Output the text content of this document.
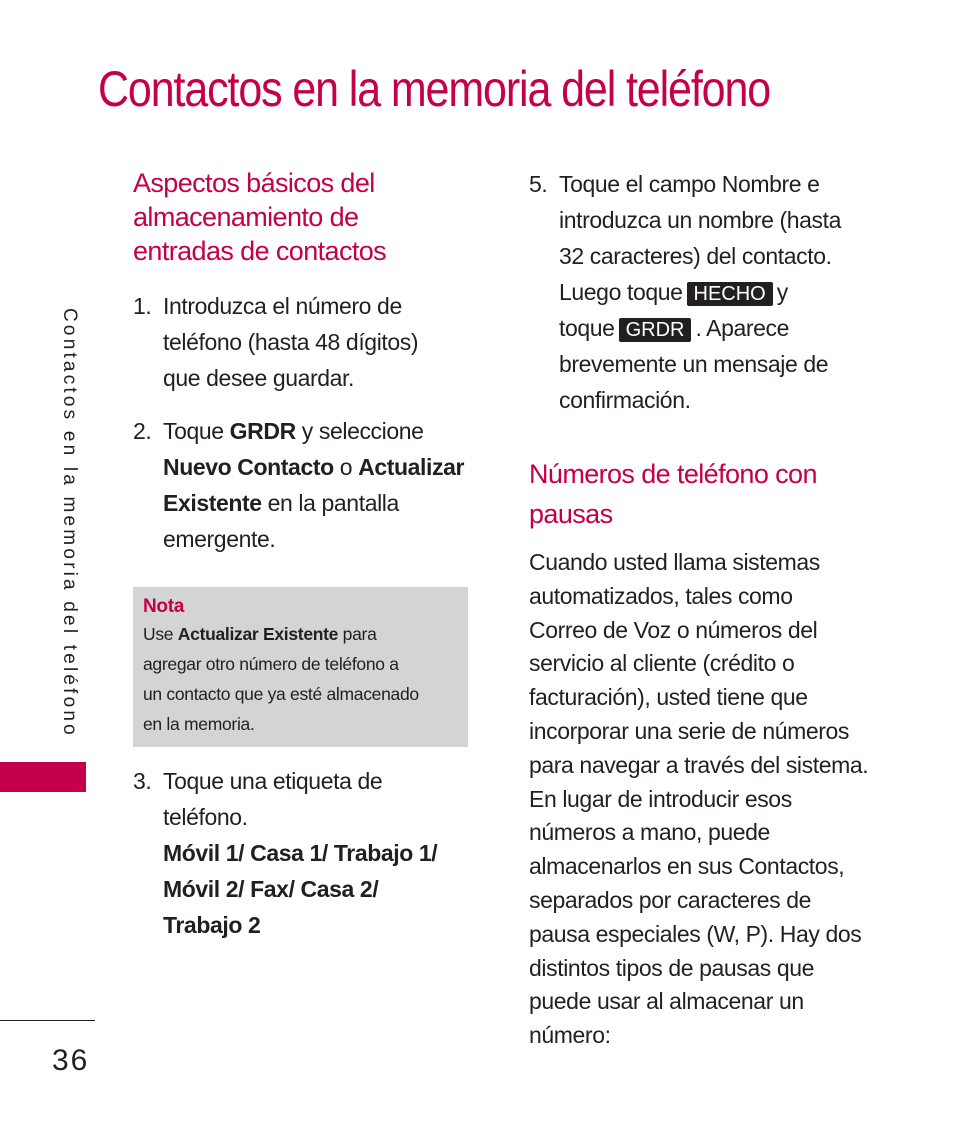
Contactos en la memoria del teléfono
Contactos en la memoria del teléfono
36
Aspectos básicos del
almacenamiento de
entradas de contactos
1. Introduzca el número de
teléfono (hasta 48 dígitos)
que desee guardar.
2. Toque GRDR y seleccione
Nuevo Contacto o Actualizar
Existente en la pantalla
emergente.
Nota
Use Actualizar Existente para
agregar otro número de teléfono a
un contacto que ya esté almacenado
en la memoria.
3. Toque una etiqueta de
teléfono.
Móvil 1/ Casa 1/ Trabajo 1/
Móvil 2/ Fax/ Casa 2/
Trabajo 2
5. Toque el campo Nombre e
introduzca un nombre (hasta
32 caracteres) del contacto.
Luego toque HECHO y
toque GRDR . Aparece
brevemente un mensaje de
confirmación.
Números de teléfono con
pausas
Cuando usted llama sistemas
automatizados, tales como
Correo de Voz o números del
servicio al cliente (crédito o
facturación), usted tiene que
incorporar una serie de números
para navegar a través del sistema.
En lugar de introducir esos
números a mano, puede
almacenarlos en sus Contactos,
separados por caracteres de
pausa especiales (W, P). Hay dos
distintos tipos de pausas que
puede usar al almacenar un
número:
